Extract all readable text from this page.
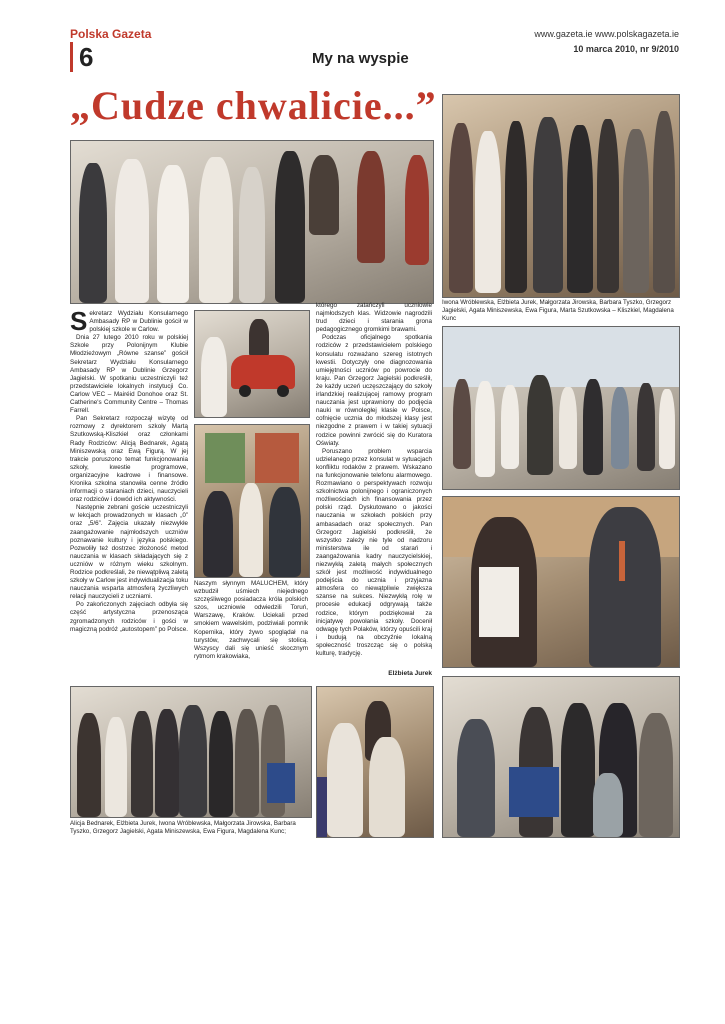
Polska Gazeta
6	My na wyspie
www.gazeta.ie www.polskagazeta.ie
10 marca 2010, nr 9/2010
„Cudze chwalicie...”
Iwona Wróblewska, Elżbieta Jurek, Małgorzata Jirowska, Barbara Tyszko, Grzegorz Jagielski, Agata Miniszewska, Ewa Figura, Marta Szutkowska – Kliszkiel, Magdalena Kunc
S ekretarz Wydziału Konsularnego Ambasady RP w Dublinie gościł w polskiej szkole w Carlow.

Dnia 27 lutego 2010 roku w polskiej Szkole przy Polonijnym Klubie Młodzieżowym „Równe szanse” gościł Sekretarz Wydziału Konsularnego Ambasady RP w Dublinie Grzegorz Jagielski. W spotkaniu uczestniczyli też przedstawiciele lokalnych instytucji Co. Carlow VEC – Mairéid Donohoe oraz St. Catherine's Community Centre – Thomas Farrell.

Pan Sekretarz rozpoczął wizytę od rozmowy z dyrektorem szkoły Martą Szutkowską-Kliszkiel oraz członkami Rady Rodziców: Alicją Bednarek, Agatą Miniszewską oraz Ewą Figurą. W jej trakcie poruszono temat funkcjonowania szkoły, kwestie programowe, organizacyjne kadrowe i finansowe. Kronika szkolna stanowiła cenne źródło informacji o staraniach dzieci, nauczycieli oraz rodziców i dowód ich aktywności.

Następnie zebrani goście uczestniczyli w lekcjach prowadzonych w klasach „0” oraz „5/6”. Zajęcia ukazały niezwykłe zaangażowanie najmłodszych uczniów poznawanie kultury i języka polskiego. Pozwoliły też dostrzec złożoność metod nauczania w klasach składających się z uczniów w różnym wieku szkolnym. Rodzice podkreślali, że niewątpliwą zaletą szkoły w Carlow jest indywidualizacja toku nauczania wsparta atmosferą życzliwych relacji nauczycieli z uczniami.

Po zakończonych zajęciach odbyła się część artystyczna przenosząca zgromadzonych rodziców i gości w magiczną podróż „autostopem” po Polsce.

Naszym słynnym MALUCHEM, który wzbudził uśmiech niejednego szczęśliwego posiadacza króla polskich szos, uczniowie odwiedzili Toruń, Warszawę, Kraków. Uciekali przed smokiem wawelskim, podziwiali pomnik Kopernika, który żywo spoglądał na turystów, zachwycali się stolicą. Wszyscy dali się unieść skocznym rytmom krakowiaka,

którego zatańczyli uczniowie najmłodszych klas. Widzowie nagrodzili trud dzieci i starania grona pedagogicznego gromkimi brawami.

Podczas oficjalnego spotkania rodziców z przedstawicielem polskiego konsulatu rozważano szereg istotnych kwestii. Dotyczyły one diagnozowania umiejętności uczniów po powrocie do kraju. Pan Grzegorz Jagielski podkreślił, że każdy uczeń uczęszczający do szkoły irlandzkiej realizującej ramowy program nauczania jest uprawniony do podjęcia nauki w równoległej klasie w Polsce, cofnięcie ucznia do młodszej klasy jest niezgodne z prawem i w takiej sytuacji rodzice powinni zwrócić się do Kuratora Oświaty.

Poruszano problem wsparcia udzielanego przez konsulat w sytuacjach konfliktu rodaków z prawem. Wskazano na funkcjonowanie telefonu alarmowego. Rozmawiano o perspektywach rozwoju szkolnictwa polonijnego i ograniczonych możliwościach ich finansowania przez polski rząd. Dyskutowano o jakości nauczania w szkołach polskich przy ambasadach oraz społecznych. Pan Grzegorz Jagielski podkreślił, że wszystko zależy nie tyle od nadzoru ministerstwa ile od starań i zaangażowania kadry nauczycielskiej, niezwykłą zaletą małych społecznych szkół jest możliwość indywidualnego podejścia do ucznia i przyjazna atmosfera co niewątpliwie zwiększa szanse na sukces. Niezwykłą rolę w procesie edukacji odgrywają także rodzice, którym podziękował za inicjatywę powołania szkoły. Docenił odwagę tych Polaków, którzy opuścili kraj i budują na obczyźnie lokalną społeczność troszcząc się o polską kulturę, tradycję.

Elżbieta Jurek
Alicja Bednarek, Elżbieta Jurek, Iwona Wróblewska, Małgorzata Jirowska, Barbara Tyszko, Grzegorz Jagielski, Agata Miniszewska, Ewa Figura, Magdalena Kunc;
